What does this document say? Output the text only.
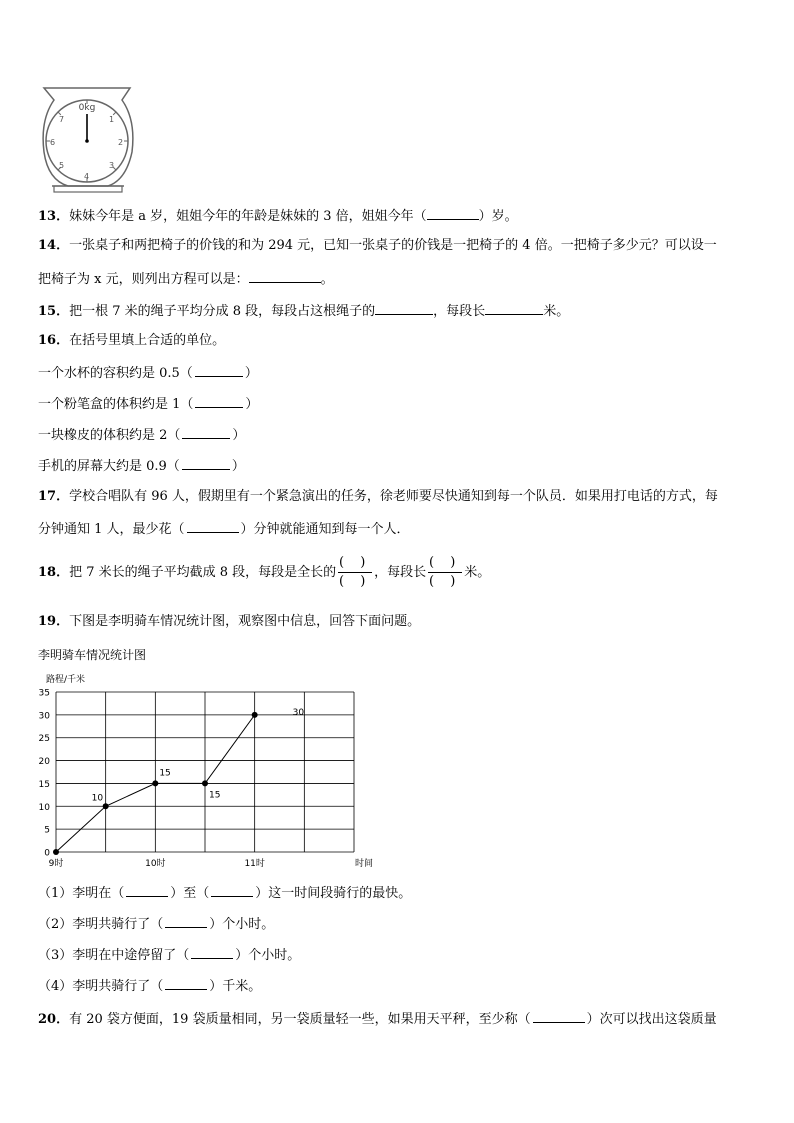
0kg
1
2
3
4
5
6
7
13．妹妹今年是 a 岁，姐姐今年的年龄是妹妹的 3 倍，姐姐今年（	）岁。
14．一张桌子和两把椅子的价钱的和为 294 元，已知一张桌子的价钱是一把椅子的 4 倍。一把椅子多少元？可以设一
把椅子为 x 元，则列出方程可以是：	。
15．把一根 7 米的绳子平均分成 8 段，每段占这根绳子的	，每段长	米。
16．在括号里填上合适的单位。
一个水杯的容积约是 0.5（	）
一个粉笔盒的体积约是 1（	）
一块橡皮的体积约是 2（	）
手机的屏幕大约是 0.9（	）
17．学校合唱队有 96 人，假期里有一个紧急演出的任务，徐老师要尽快通知到每一个队员．如果用打电话的方式，每
分钟通知 1 人，最少花（	）分钟就能通知到每一个人．
18．把 7 米长的绳子平均截成 8 段，每段是全长的 $\frac{( )}{( )}$ ，每段长 $\frac{( )}{( )}$ 米。
19．下图是李明骑车情况统计图，观察图中信息，回答下面问题。
李明骑车情况统计图
0
5
10
15
20
25
30
35
9时	10时	11时
路程/千米
时间
10
15
15
30
（1）李明在（	）至（	）这一时间段骑行的最快。
（2）李明共骑行了（	）个小时。
（3）李明在中途停留了（	）个小时。
（4）李明共骑行了（	）千米。
20．有 20 袋方便面，19 袋质量相同，另一袋质量轻一些，如果用天平秤，至少称（	）次可以找出这袋质量
